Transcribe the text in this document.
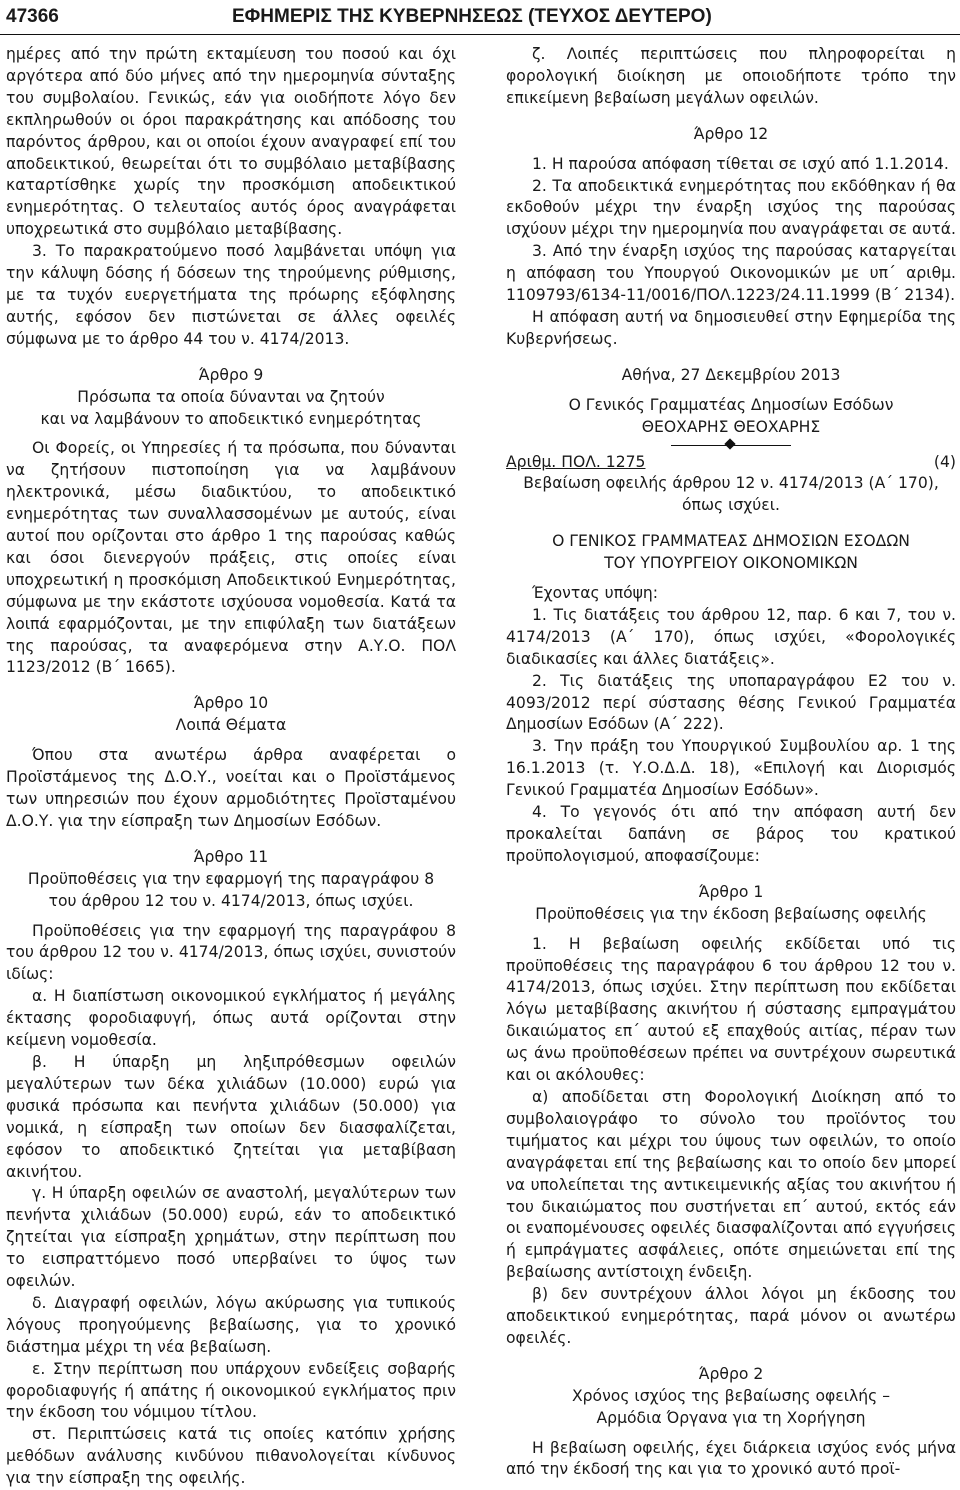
47366	ΕΦΗΜΕΡΙΣ ΤΗΣ ΚΥΒΕΡΝΗΣΕΩΣ (ΤΕΥΧΟΣ ΔΕΥΤΕΡΟ)

ημέρες από την πρώτη εκταμίευση του ποσού και όχι αργότερα από δύο μήνες από την ημερομηνία σύνταξης του συμβολαίου. Γενικώς, εάν για οιοδήποτε λόγο δεν εκπληρωθούν οι όροι παρακράτησης και απόδοσης του παρόντος άρθρου, και οι οποίοι έχουν αναγραφεί επί του αποδεικτικού, θεωρείται ότι το συμβόλαιο μεταβίβασης καταρτίσθηκε χωρίς την προσκόμιση αποδεικτικού ενημερότητας. Ο τελευταίος αυτός όρος αναγράφεται υποχρεωτικά στο συμβόλαιο μεταβίβασης.

3. Το παρακρατούμενο ποσό λαμβάνεται υπόψη για την κάλυψη δόσης ή δόσεων της τηρούμενης ρύθμισης, με τα τυχόν ευεργετήματα της πρόωρης εξόφλησης αυτής, εφόσον δεν πιστώνεται σε άλλες οφειλές σύμφωνα με το άρθρο 44 του ν. 4174/2013.

Άρθρο 9

Πρόσωπα τα οποία δύνανται να ζητούν

και να λαμβάνουν το αποδεικτικό ενημερότητας

Οι Φορείς, οι Υπηρεσίες ή τα πρόσωπα, που δύνανται να ζητήσουν πιστοποίηση για να λαμβάνουν ηλεκτρονικά, μέσω διαδικτύου, το αποδεικτικό ενημερότητας των συναλλασσομένων με αυτούς, είναι αυτοί που ορίζονται στο άρθρο 1 της παρούσας καθώς και όσοι διενεργούν πράξεις, στις οποίες είναι υποχρεωτική η προσκόμιση Αποδεικτικού Ενημερότητας, σύμφωνα με την εκάστοτε ισχύουσα νομοθεσία. Κατά τα λοιπά εφαρμόζονται, με την επιφύλαξη των διατάξεων της παρούσας, τα αναφερόμενα στην Α.Υ.Ο. ΠΟΛ 1123/2012 (Β΄ 1665).

Άρθρο 10

Λοιπά Θέματα

Όπου στα ανωτέρω άρθρα αναφέρεται ο Προϊστάμενος της Δ.Ο.Υ., νοείται και ο Προϊστάμενος των υπηρεσιών που έχουν αρμοδιότητες Προϊσταμένου Δ.Ο.Υ. για την είσπραξη των Δημοσίων Εσόδων.

Άρθρο 11

Προϋποθέσεις για την εφαρμογή της παραγράφου 8

του άρθρου 12 του ν. 4174/2013, όπως ισχύει.

Προϋποθέσεις για την εφαρμογή της παραγράφου 8 του άρθρου 12 του ν. 4174/2013, όπως ισχύει, συνιστούν ιδίως:

α. Η διαπίστωση οικονομικού εγκλήματος ή μεγάλης έκτασης φοροδιαφυγή, όπως αυτά ορίζονται στην κείμενη νομοθεσία.

β. Η ύπαρξη μη ληξιπρόθεσμων οφειλών μεγαλύτερων των δέκα χιλιάδων (10.000) ευρώ για φυσικά πρόσωπα και πενήντα χιλιάδων (50.000) για νομικά, η είσπραξη των οποίων δεν διασφαλίζεται, εφόσον το αποδεικτικό ζητείται για μεταβίβαση ακινήτου.

γ. Η ύπαρξη οφειλών σε αναστολή, μεγαλύτερων των πενήντα χιλιάδων (50.000) ευρώ, εάν το αποδεικτικό ζητείται για είσπραξη χρημάτων, στην περίπτωση που το εισπραττόμενο ποσό υπερβαίνει το ύψος των οφειλών.

δ. Διαγραφή οφειλών, λόγω ακύρωσης για τυπικούς λόγους προηγούμενης βεβαίωσης, για το χρονικό διάστημα μέχρι τη νέα βεβαίωση.

ε. Στην περίπτωση που υπάρχουν ενδείξεις σοβαρής φοροδιαφυγής ή απάτης ή οικονομικού εγκλήματος πριν την έκδοση του νόμιμου τίτλου.

στ. Περιπτώσεις κατά τις οποίες κατόπιν χρήσης μεθόδων ανάλυσης κινδύνου πιθανολογείται κίνδυνος για την είσπραξη της οφειλής.

ζ. Λοιπές περιπτώσεις που πληροφορείται η φορολογική διοίκηση με οποιοδήποτε τρόπο την επικείμενη βεβαίωση μεγάλων οφειλών.

Άρθρο 12

1. Η παρούσα απόφαση τίθεται σε ισχύ από 1.1.2014.

2. Τα αποδεικτικά ενημερότητας που εκδόθηκαν ή θα εκδοθούν μέχρι την έναρξη ισχύος της παρούσας ισχύουν μέχρι την ημερομηνία που αναγράφεται σε αυτά.

3. Από την έναρξη ισχύος της παρούσας καταργείται η απόφαση του Υπουργού Οικονομικών με υπ΄ αριθμ. 1109793/6134-11/0016/ΠΟΛ.1223/24.11.1999 (Β΄ 2134).

Η απόφαση αυτή να δημοσιευθεί στην Εφημερίδα της Κυβερνήσεως.

Αθήνα, 27 Δεκεμβρίου 2013

Ο Γενικός Γραμματέας Δημοσίων Εσόδων

ΘΕΟΧΑΡΗΣ ΘΕΟΧΑΡΗΣ

Αριθμ. ΠΟΛ. 1275	(4)

Βεβαίωση οφειλής άρθρου 12 ν. 4174/2013 (Α΄ 170),

όπως ισχύει.

Ο ΓΕΝΙΚΟΣ ΓΡΑΜΜΑΤΕΑΣ ΔΗΜΟΣΙΩΝ ΕΣΟΔΩΝ

ΤΟΥ ΥΠΟΥΡΓΕΙΟΥ ΟΙΚΟΝΟΜΙΚΩΝ

Έχοντας υπόψη:

1. Τις διατάξεις του άρθρου 12, παρ. 6 και 7, του ν. 4174/2013 (Α΄ 170), όπως ισχύει, «Φορολογικές διαδικασίες και άλλες διατάξεις».

2. Τις διατάξεις της υποπαραγράφου Ε2 του ν. 4093/2012 περί σύστασης θέσης Γενικού Γραμματέα Δημοσίων Εσόδων (Α΄ 222).

3. Την πράξη του Υπουργικού Συμβουλίου αρ. 1 της 16.1.2013 (τ. Υ.Ο.Δ.Δ. 18), «Επιλογή και Διορισμός Γενικού Γραμματέα Δημοσίων Εσόδων».

4. Το γεγονός ότι από την απόφαση αυτή δεν προκαλείται δαπάνη σε βάρος του κρατικού προϋπολογισμού, αποφασίζουμε:

Άρθρο 1

Προϋποθέσεις για την έκδοση βεβαίωσης οφειλής

1. Η βεβαίωση οφειλής εκδίδεται υπό τις προϋποθέσεις της παραγράφου 6 του άρθρου 12 του ν. 4174/2013, όπως ισχύει. Στην περίπτωση που εκδίδεται λόγω μεταβίβασης ακινήτου ή σύστασης εμπραγμάτου δικαιώματος επ΄ αυτού εξ επαχθούς αιτίας, πέραν των ως άνω προϋποθέσεων πρέπει να συντρέχουν σωρευτικά και οι ακόλουθες:

α) αποδίδεται στη Φορολογική Διοίκηση από το συμβολαιογράφο το σύνολο του προϊόντος του τιμήματος και μέχρι του ύψους των οφειλών, το οποίο αναγράφεται επί της βεβαίωσης και το οποίο δεν μπορεί να υπολείπεται της αντικειμενικής αξίας του ακινήτου ή του δικαιώματος που συστήνεται επ΄ αυτού, εκτός εάν οι εναπομένουσες οφειλές διασφαλίζονται από εγγυήσεις ή εμπράγματες ασφάλειες, οπότε σημειώνεται επί της βεβαίωσης αντίστοιχη ένδειξη.

β) δεν συντρέχουν άλλοι λόγοι μη έκδοσης του αποδεικτικού ενημερότητας, παρά μόνον οι ανωτέρω οφειλές.

Άρθρο 2

Χρόνος ισχύος της βεβαίωσης οφειλής –

Αρμόδια Όργανα για τη Χορήγηση

Η βεβαίωση οφειλής, έχει διάρκεια ισχύος ενός μήνα από την έκδοσή της και για το χρονικό αυτό προϊ-
